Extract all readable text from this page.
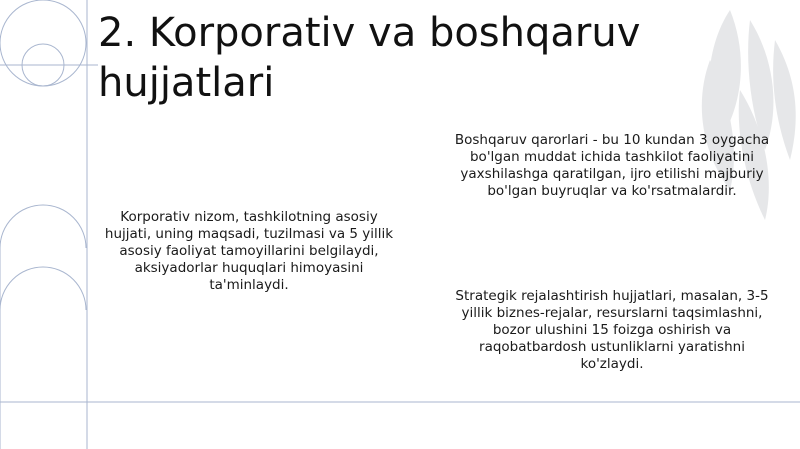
2. Korporativ va boshqaruv hujjatlari
Korporativ nizom, tashkilotning asosiy hujjati, uning maqsadi, tuzilmasi va 5 yillik asosiy faoliyat tamoyillarini belgilaydi, aksiyadorlar huquqlari himoyasini ta'minlaydi.
Boshqaruv qarorlari - bu 10 kundan 3 oygacha bo'lgan muddat ichida tashkilot faoliyatini yaxshilashga qaratilgan, ijro etilishi majburiy bo'lgan buyruqlar va ko'rsatmalardir.
Strategik rejalashtirish hujjatlari, masalan, 3-5 yillik biznes-rejalar, resurslarni taqsimlashni, bozor ulushini 15 foizga oshirish va raqobatbardosh ustunliklarni yaratishni ko'zlaydi.
